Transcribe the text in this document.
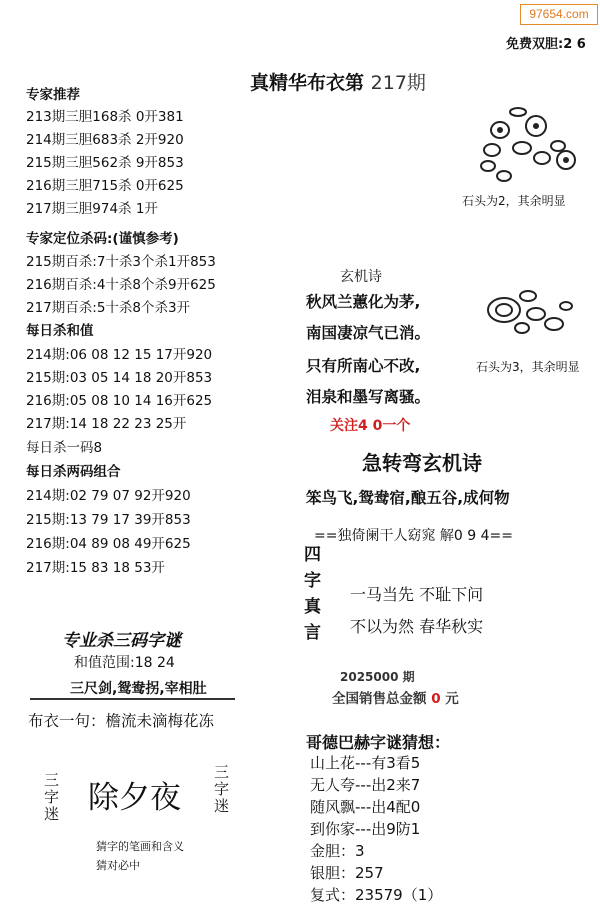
97654.com
免费双胆:2 6
真精华布衣第 217期
专家推荐
213期三胆168杀 0开381
214期三胆683杀 2开920
215期三胆562杀 9开853
216期三胆715杀 0开625
217期三胆974杀 1开
专家定位杀码:(谨慎参考)
215期百杀:7十杀3个杀1开853
216期百杀:4十杀8个杀9开625
217期百杀:5十杀8个杀3开
每日杀和值
214期:06 08 12 15 17开920
215期:03 05 14 18 20开853
216期:05 08 10 14 16开625
217期:14 18 22 23 25开
每日杀一码8
每日杀两码组合
214期:02 79 07 92开920
215期:13 79 17 39开853
216期:04 89 08 49开625
217期:15 83 18 53开
石头为2，其余明显
石头为3，其余明显
玄机诗
秋风兰蕙化为茅,
南国凄凉气已消。
只有所南心不改,
泪泉和墨写离骚。
关注4 0一个
急转弯玄机诗
笨鸟飞,鸳鸯宿,酿五谷,成何物
==独倚阑干人窈窕 解0 9 4==
四
字
真
言
一马当先 不耻下问
不以为然 春华秋实
2025000 期
全国销售总金额 0 元
哥德巴赫字谜猜想：
山上花---有3看5
无人夸---出2来7
随风飘---出4配0
到你家---出9防1
金胆：3
银胆：257
复式：23579（1）
专业杀三码字谜
和值范围:18 24
三尺剑,鸳鸯拐,宰相肚
布衣一句：檐流未滴梅花冻
三
字
迷 除夕夜
三
字
迷
猜字的笔画和含义
猜对必中
